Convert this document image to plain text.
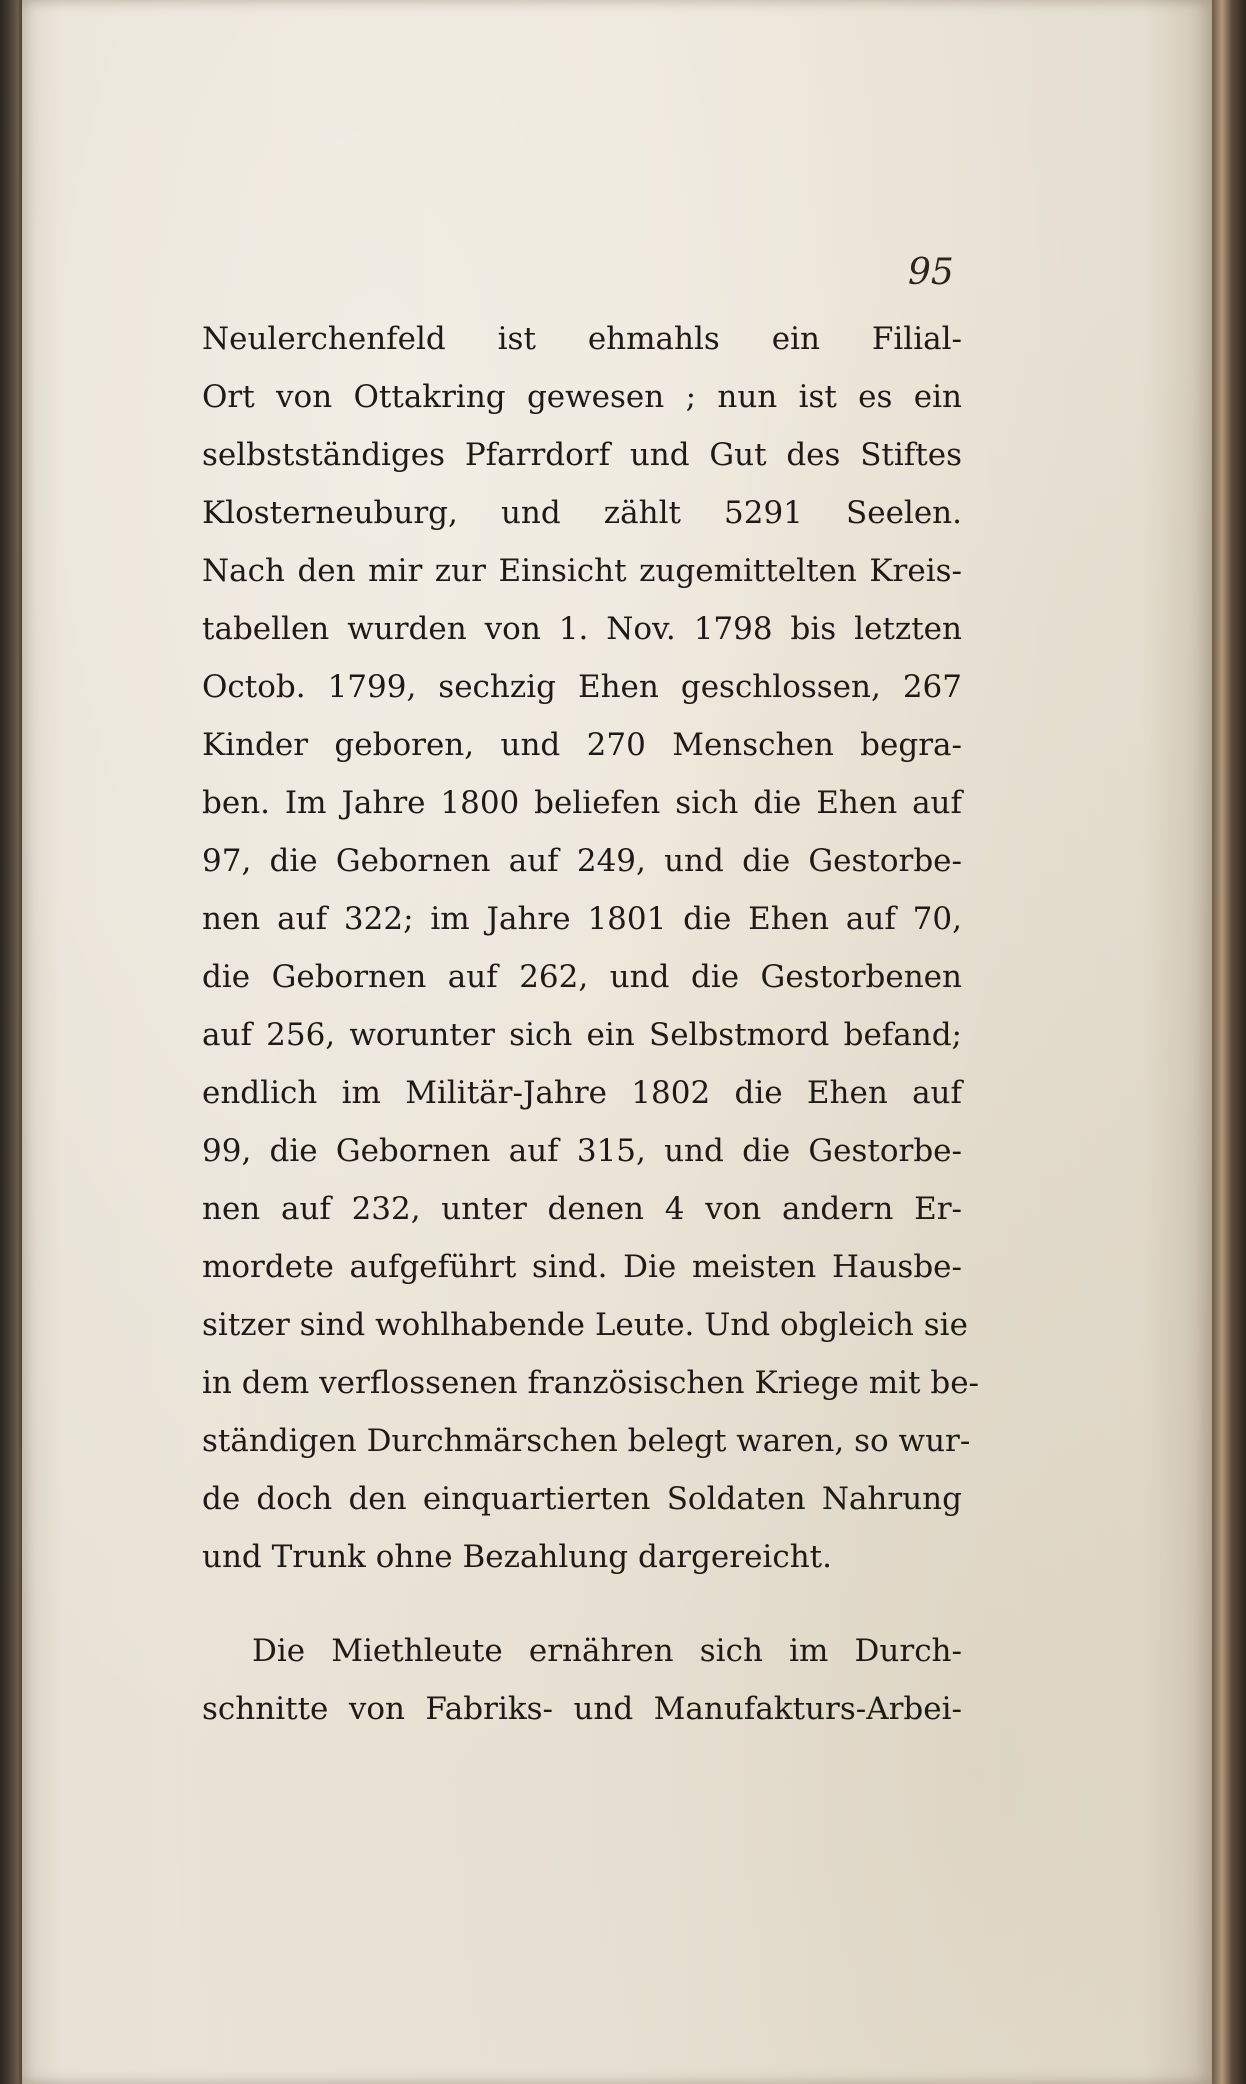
95
Neulerchenfeld ist ehmahls ein Filial-
Ort von Ottakring gewesen ; nun ist es ein
selbstständiges Pfarrdorf und Gut des Stiftes
Klosterneuburg, und zählt 5291 Seelen.
Nach den mir zur Einsicht zugemittelten Kreis-
tabellen wurden von 1. Nov. 1798 bis letzten
Octob. 1799, sechzig Ehen geschlossen, 267
Kinder geboren, und 270 Menschen begra-
ben. Im Jahre 1800 beliefen sich die Ehen auf
97, die Gebornen auf 249, und die Gestorbe-
nen auf 322; im Jahre 1801 die Ehen auf 70,
die Gebornen auf 262, und die Gestorbenen
auf 256, worunter sich ein Selbstmord befand;
endlich im Militär-Jahre 1802 die Ehen auf
99, die Gebornen auf 315, und die Gestorbe-
nen auf 232, unter denen 4 von andern Er-
mordete aufgeführt sind. Die meisten Hausbe-
sitzer sind wohlhabende Leute. Und obgleich sie
in dem verflossenen französischen Kriege mit be-
ständigen Durchmärschen belegt waren, so wur-
de doch den einquartierten Soldaten Nahrung
und Trunk ohne Bezahlung dargereicht.
Die Miethleute ernähren sich im Durch-
schnitte von Fabriks- und Manufakturs-Arbei-
